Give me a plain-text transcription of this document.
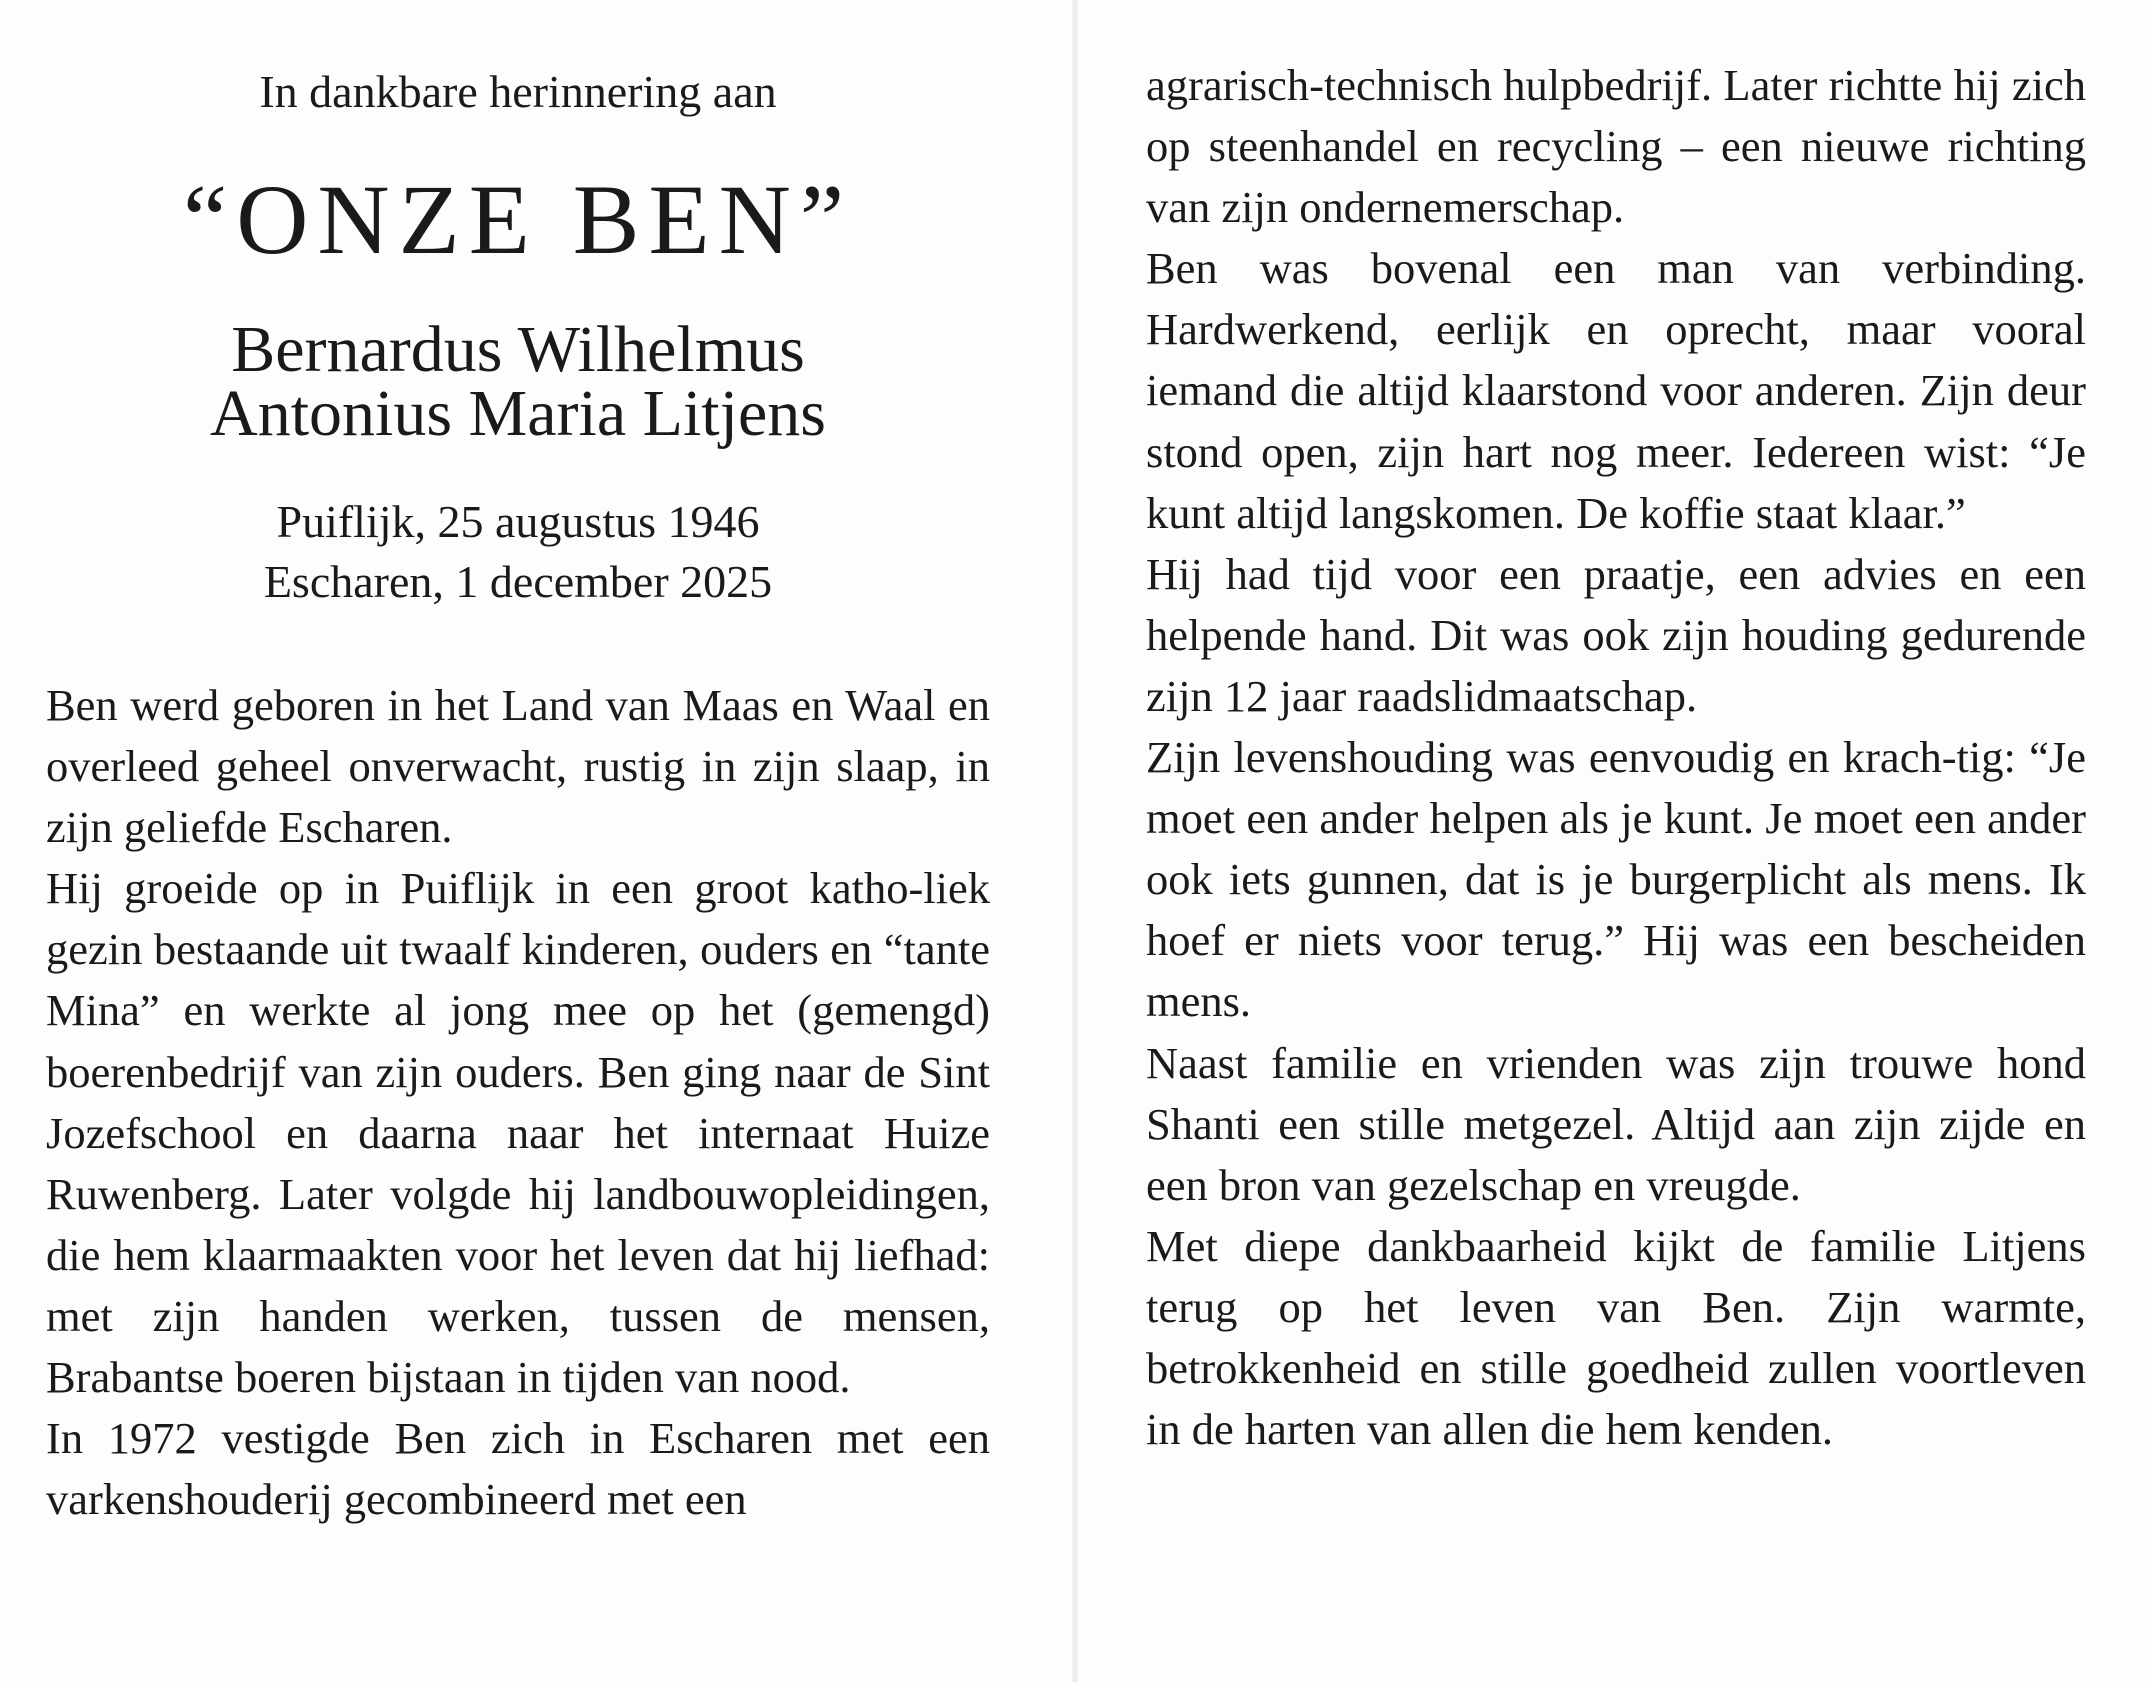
In dankbare herinnering aan
“ONZE BEN”
Bernardus Wilhelmus
Antonius Maria Litjens
Puiflijk, 25 augustus 1946
Escharen, 1 december 2025

Ben werd geboren in het Land van Maas en Waal en overleed geheel onverwacht, rustig in zijn slaap, in zijn geliefde Escharen.

Hij groeide op in Puiflijk in een groot katho-liek gezin bestaande uit twaalf kinderen, ouders en “tante Mina” en werkte al jong mee op het (gemengd) boerenbedrijf van zijn ouders. Ben ging naar de Sint Jozefschool en daarna naar het internaat Huize Ruwenberg. Later volgde hij landbouwopleidingen, die hem klaarmaakten voor het leven dat hij liefhad: met zijn handen werken, tussen de mensen, Brabantse boeren bijstaan in tijden van nood.

In 1972 vestigde Ben zich in Escharen met een varkenshouderij gecombineerd met een

agrarisch-technisch hulpbedrijf. Later richtte hij zich op steenhandel en recycling – een nieuwe richting van zijn ondernemerschap.

Ben was bovenal een man van verbinding. Hardwerkend, eerlijk en oprecht, maar vooral iemand die altijd klaarstond voor anderen. Zijn deur stond open, zijn hart nog meer. Iedereen wist: “Je kunt altijd langskomen. De koffie staat klaar.”

Hij had tijd voor een praatje, een advies en een helpende hand. Dit was ook zijn houding gedurende zijn 12 jaar raadslidmaatschap.

Zijn levenshouding was eenvoudig en krach-tig: “Je moet een ander helpen als je kunt. Je moet een ander ook iets gunnen, dat is je burgerplicht als mens. Ik hoef er niets voor terug.” Hij was een bescheiden mens.

Naast familie en vrienden was zijn trouwe hond Shanti een stille metgezel. Altijd aan zijn zijde en een bron van gezelschap en vreugde.

Met diepe dankbaarheid kijkt de familie Litjens terug op het leven van Ben. Zijn warmte, betrokkenheid en stille goedheid zullen voortleven in de harten van allen die hem kenden.
